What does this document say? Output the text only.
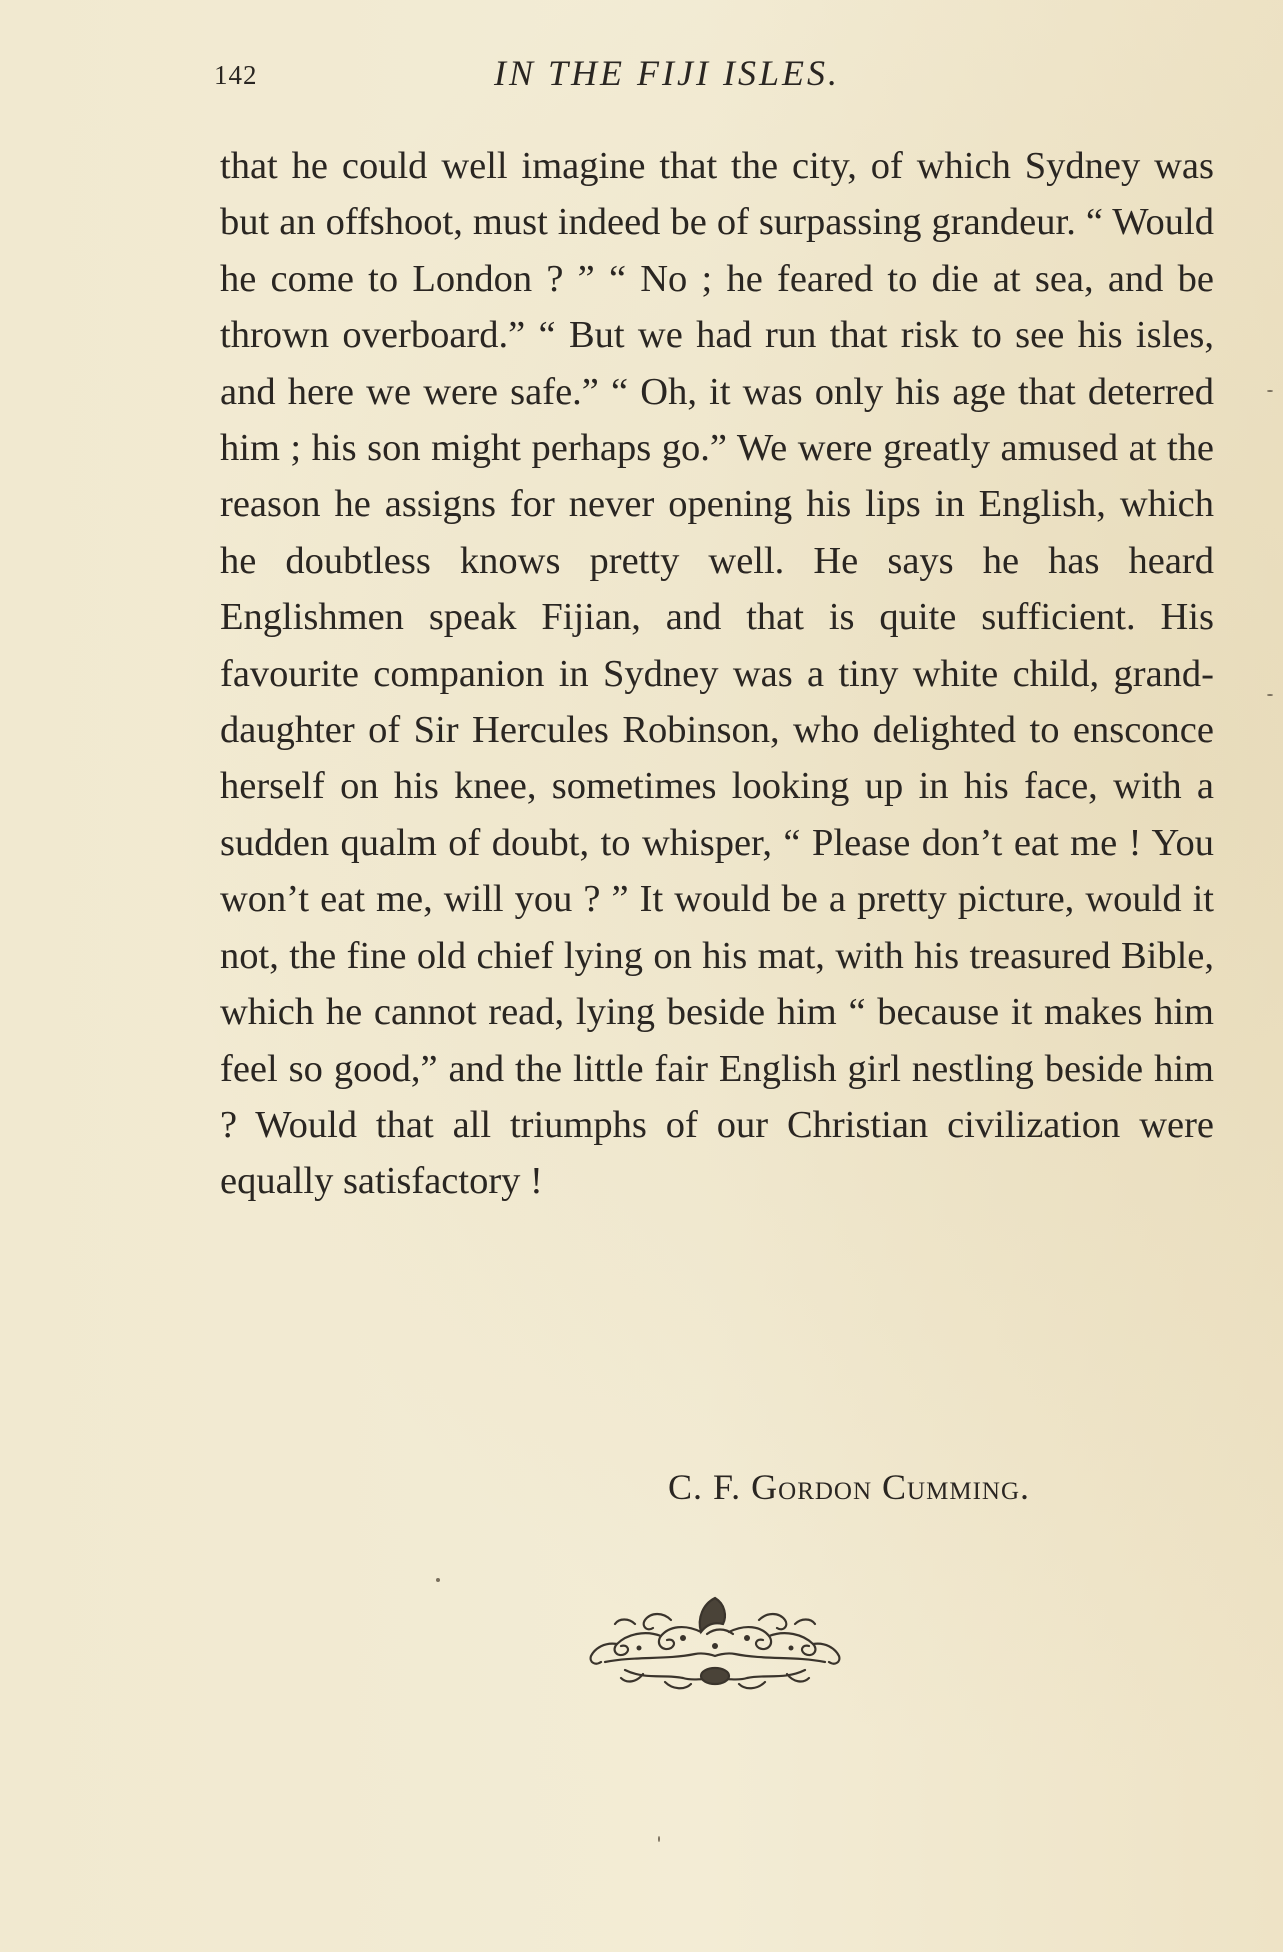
142	IN THE FIJI ISLES.

that he could well imagine that the city, of which Sydney was but an offshoot, must indeed be of surpassing grandeur. “ Would he come to London ? ” “ No ; he feared to die at sea, and be thrown overboard.” “ But we had run that risk to see his isles, and here we were safe.” “ Oh, it was only his age that deterred him ; his son might perhaps go.” We were greatly amused at the reason he assigns for never opening his lips in English, which he doubtless knows pretty well. He says he has heard Englishmen speak Fijian, and that is quite sufficient. His favourite companion in Sydney was a tiny white child, grand-daughter of Sir Hercules Robinson, who delighted to ensconce herself on his knee, sometimes looking up in his face, with a sudden qualm of doubt, to whisper, “ Please don’t eat me ! You won’t eat me, will you ? ” It would be a pretty picture, would it not, the fine old chief lying on his mat, with his treasured Bible, which he cannot read, lying beside him “ because it makes him feel so good,” and the little fair English girl nestling beside him ? Would that all triumphs of our Christian civilization were equally satisfactory !

C. F. Gordon Cumming.
